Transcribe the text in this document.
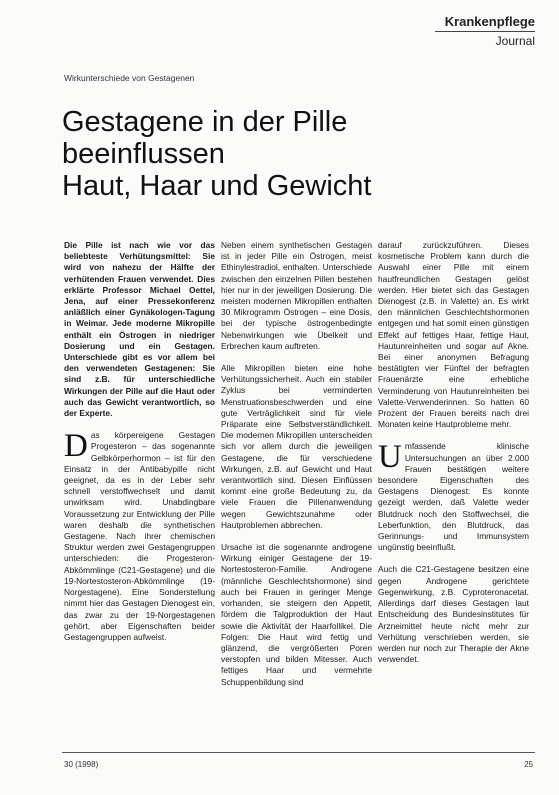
Krankenpflege
Journal
Wirkunterschiede von Gestagenen
Gestagene in der Pille
beeinflussen
Haut, Haar und Gewicht

Die Pille ist nach wie vor das beliebteste Verhütungsmittel: Sie wird von nahezu der Hälfte der verhütenden Frauen verwendet. Dies erklärte Professor Michael Oettel, Jena, auf einer Pressekonferenz anläßlich einer Gynäkologen-Tagung in Weimar. Jede moderne Mikropille enthält ein Östrogen in niedriger Dosierung und ein Gestagen. Unterschiede gibt es vor allem bei den verwendeten Gestagenen: Sie sind z.B. für unterschiedliche Wirkungen der Pille auf die Haut oder auch das Gewicht verantwortlich, so der Experte.

D as körpereigene Gestagen Progesteron – das sogenannte Gelbkörperhormon – ist für den Einsatz in der Antibabypille nicht geeignet, da es in der Leber sehr schnell verstoffwechselt und damit unwirksam wird. Unabdingbare Voraussetzung zur Entwicklung der Pille waren deshalb die synthetischen Gestagene. Nach ihrer chemischen Struktur werden zwei Gestagengruppen unterschieden: die Progesteron-Abkömmlinge (C21-Gestagene) und die 19-Nortestosteron-Abkömmlinge (19-Norgestagene). Eine Sonderstellung nimmt hier das Gestagen Dienogest ein, das zwar zu der 19-Norgestagenen gehört, aber Eigenschaften beider Gestagengruppen aufweist.

Neben einem synthetischen Gestagen ist in jeder Pille ein Östrogen, meist Ethinylestradiol, enthalten. Unterschiede zwischen den einzelnen Pillen bestehen hier nur in der jeweiligen Dosierung. Die meisten modernen Mikropillen enthalten 30 Mikrogramm Östrogen – eine Dosis, bei der typische östrogenbedingte Nebenwirkungen wie Übelkeit und Erbrechen kaum auftreten.

Alle Mikropillen bieten eine hohe Verhütungssicherheit. Auch ein stabiler Zyklus bei verminderten Menstruationsbeschwerden und eine gute Verträglichkeit sind für viele Präparate eine Selbstverständlichkeit. Die modernen Mikropillen unterscheiden sich vor allem durch die jeweiligen Gestagene, die für verschiedene Wirkungen, z.B. auf Gewicht und Haut verantwortlich sind. Diesen Einflüssen kommt eine große Bedeutung zu, da viele Frauen die Pillenanwendung wegen Gewichtszunahme oder Hautproblemen abbrechen.

Ursache ist die sogenannte androgene Wirkung einiger Gestagene der 19-Nortestosteron-Familie. Androgene (männliche Geschlechtshormone) sind auch bei Frauen in geringer Menge vorhanden, sie steigern den Appetit, fördern die Talgproduktion der Haut sowie die Aktivität der Haarfollikel. Die Folgen: Die Haut wird fettig und glänzend, die vergrößerten Poren verstopfen und bilden Mitesser. Auch fettiges Haar und vermehrte Schuppenbildung sind

darauf zurückzuführen. Dieses kosmetische Problem kann durch die Auswahl einer Pille mit einem hautfreundlichen Gestagen gelöst werden. Hier bietet sich das Gestagen Dienogest (z.B. in Valette) an. Es wirkt den männlichen Geschlechtshormonen entgegen und hat somit einen günstigen Effekt auf fettiges Haar, fettige Haut, Hautunreinheiten und sogar auf Akne. Bei einer anonymen Befragung bestätigten vier Fünftel der befragten Frauenärzte eine erhebliche Verminderung von Hautunreinheiten bei Valette-Verwenderinnen. So hatten 60 Prozent der Frauen bereits nach drei Monaten keine Hautprobleme mehr.

U mfassende klinische Untersuchungen an über 2.000 Frauen bestätigen weitere besondere Eigenschaften des Gestagens Dienogest: Es konnte gezeigt werden, daß Valette weder Blutdruck noch den Stoffwechsel, die Leberfunktion, den Blutdruck, das Gerinnungs- und Immunsystem ungünstig beeinflußt.

Auch die C21-Gestagene besitzen eine gegen Androgene gerichtete Gegenwirkung, z.B. Cyproteronacetat. Allerdings darf dieses Gestagen laut Entscheidung des Bundesinstitutes für Arzneimittel heute nicht mehr zur Verhütung verschrieben werden, sie werden nur noch zur Therapie der Akne verwendet.

30 (1998)	25
